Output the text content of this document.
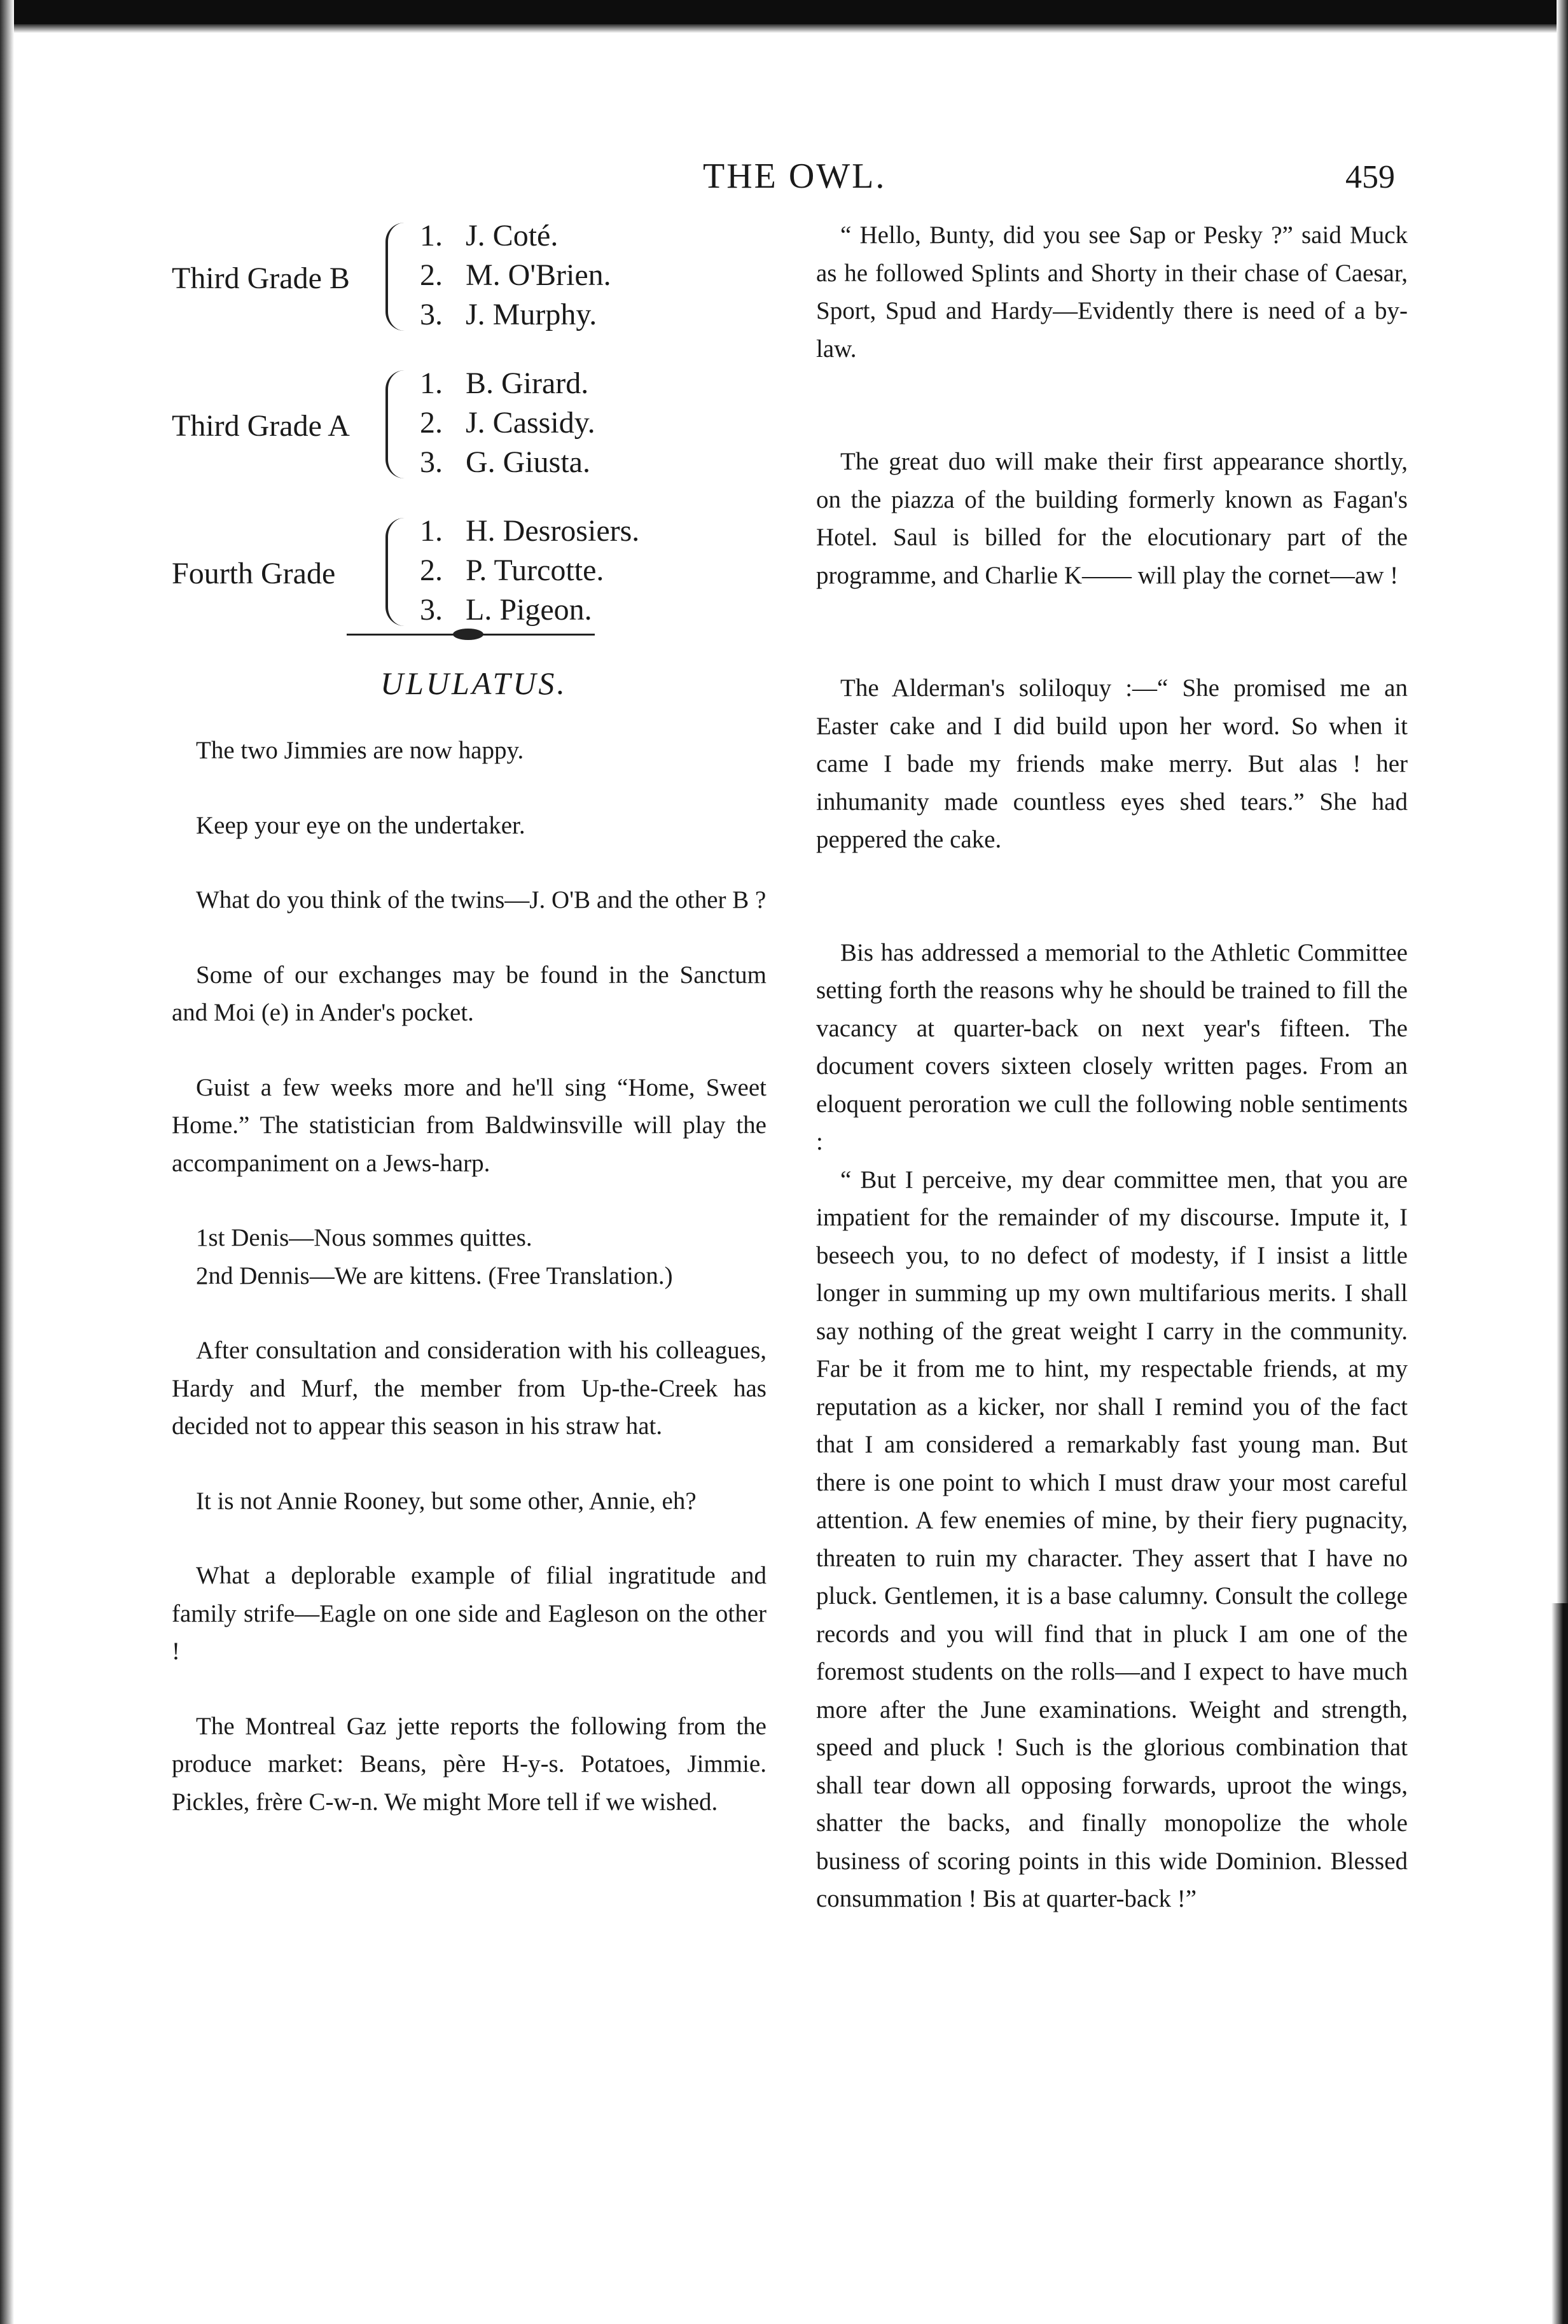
THE OWL.	459
Third Grade B
1. J. Coté.
2. M. O'Brien.
3. J. Murphy.
Third Grade A
1. B. Girard.
2. J. Cassidy.
3. G. Giusta.
Fourth Grade
1. H. Desrosiers.
2. P. Turcotte.
3. L. Pigeon.
ULULATUS.

The two Jimmies are now happy.

Keep your eye on the undertaker.

What do you think of the twins—J. O'B and the other B ?

Some of our exchanges may be found in the Sanctum and Moi (e) in Ander's pocket.

Guist a few weeks more and he'll sing “Home, Sweet Home.” The statistician from Baldwinsville will play the accompaniment on a Jews-harp.

1st Denis—Nous sommes quittes.

2nd Dennis—We are kittens. (Free Translation.)

After consultation and consideration with his colleagues, Hardy and Murf, the member from Up-the-Creek has decided not to appear this season in his straw hat.

It is not Annie Rooney, but some other, Annie, eh?

What a deplorable example of filial ingratitude and family strife—Eagle on one side and Eagleson on the other !

The Montreal Gaz jette reports the following from the produce market: Beans, père H-y-s. Potatoes, Jimmie. Pickles, frère C-w-n. We might More tell if we wished.

“ Hello, Bunty, did you see Sap or Pesky ?” said Muck as he followed Splints and Shorty in their chase of Caesar, Sport, Spud and Hardy—Evidently there is need of a by-law.

The great duo will make their first appearance shortly, on the piazza of the building formerly known as Fagan's Hotel. Saul is billed for the elocutionary part of the programme, and Charlie K—— will play the cornet—aw !

The Alderman's soliloquy :—“ She promised me an Easter cake and I did build upon her word. So when it came I bade my friends make merry. But alas ! her inhumanity made countless eyes shed tears.” She had peppered the cake.

Bis has addressed a memorial to the Athletic Committee setting forth the reasons why he should be trained to fill the vacancy at quarter-back on next year's fifteen. The document covers sixteen closely written pages. From an eloquent peroration we cull the following noble sentiments :

“ But I perceive, my dear committee men, that you are impatient for the remainder of my discourse. Impute it, I beseech you, to no defect of modesty, if I insist a little longer in summing up my own multifarious merits. I shall say nothing of the great weight I carry in the community. Far be it from me to hint, my respectable friends, at my reputation as a kicker, nor shall I remind you of the fact that I am considered a remarkably fast young man. But there is one point to which I must draw your most careful attention. A few enemies of mine, by their fiery pugnacity, threaten to ruin my character. They assert that I have no pluck. Gentlemen, it is a base calumny. Consult the college records and you will find that in pluck I am one of the foremost students on the rolls—and I expect to have much more after the June examinations. Weight and strength, speed and pluck ! Such is the glorious combination that shall tear down all opposing forwards, uproot the wings, shatter the backs, and finally monopolize the whole business of scoring points in this wide Dominion. Blessed consummation ! Bis at quarter-back !”
